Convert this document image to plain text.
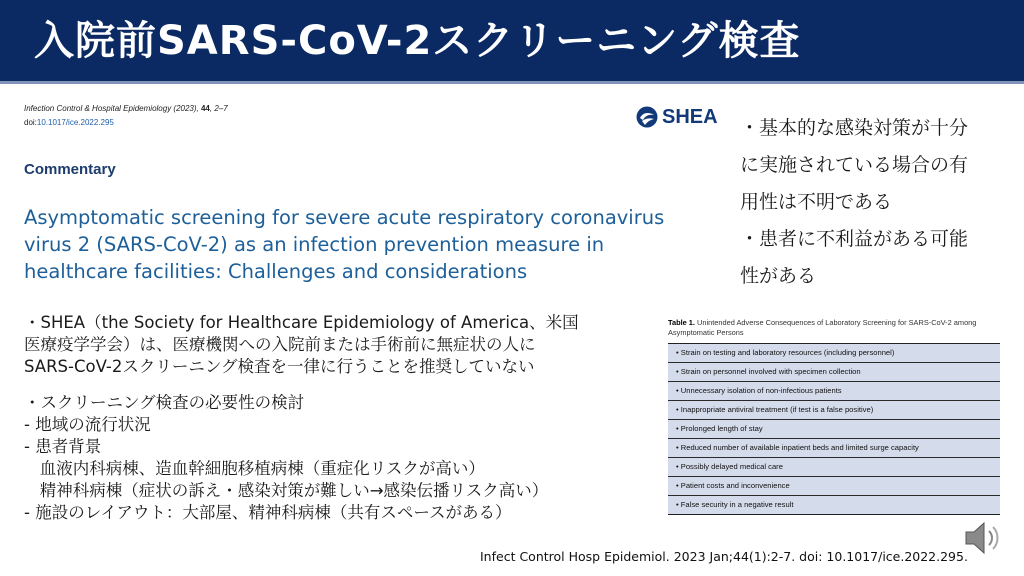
入院前SARS-CoV-2スクリーニング検査
Infection Control & Hospital Epidemiology (2023), 44, 2–7
doi:10.1017/ice.2022.295	SHEA
Commentary
Asymptomatic screening for severe acute respiratory coronavirus
virus 2 (SARS-CoV-2) as an infection prevention measure in
healthcare facilities: Challenges and considerations

・基本的な感染対策が十分

に実施されている場合の有

用性は不明である

・患者に不利益がある可能

性がある

・SHEA（the Society for Healthcare Epidemiology of America、米国
医療疫学学会）は、医療機関への入院前または手術前に無症状の人に
SARS-CoV-2スクリーニング検査を一律に行うことを推奨していない
・スクリーニング検査の必要性の検討
- 地域の流行状況
- 患者背景
血液内科病棟、造血幹細胞移植病棟（重症化リスクが高い）
精神科病棟（症状の訴え・感染対策が難しい→感染伝播リスク高い）
- 施設のレイアウト：大部屋、精神科病棟（共有スペースがある）
Table 1. Unintended Adverse Consequences of Laboratory Screening for SARS-CoV-2 among Asymptomatic Persons
• Strain on testing and laboratory resources (including personnel)
• Strain on personnel involved with specimen collection
• Unnecessary isolation of non-infectious patients
• Inappropriate antiviral treatment (if test is a false positive)
• Prolonged length of stay
• Reduced number of available inpatient beds and limited surge capacity
• Possibly delayed medical care
• Patient costs and inconvenience
• False security in a negative result
Infect Control Hosp Epidemiol. 2023 Jan;44(1):2-7. doi: 10.1017/ice.2022.295.
